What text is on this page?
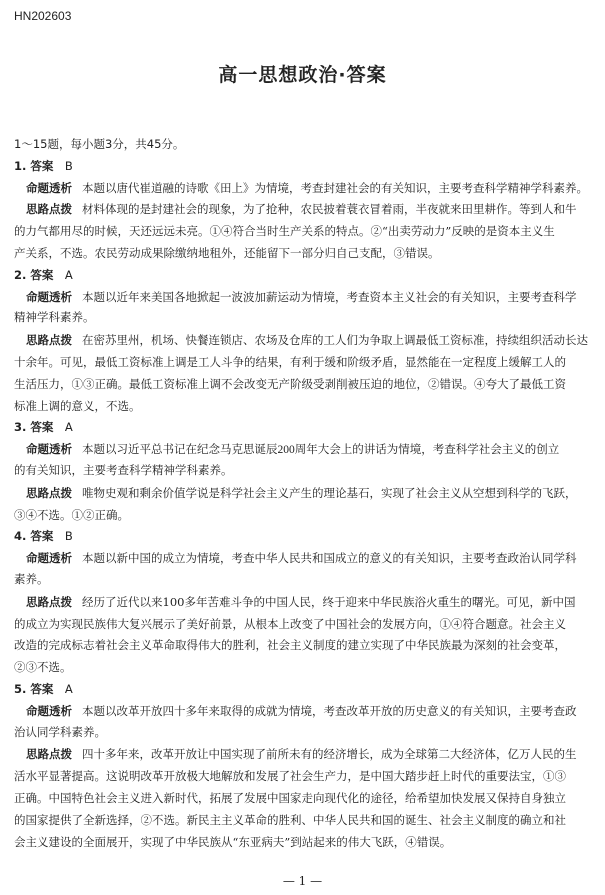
HN202603
高一思想政治·答案
1～15题，每小题3分，共45分。
1. 答案  B
命题透析 本题以唐代崔道融的诗歌《田上》为情境，考查封建社会的有关知识，主要考查科学精神学科素养。
思路点拨 材料体现的是封建社会的现象，为了抢种，农民披着蓑衣冒着雨，半夜就来田里耕作。等到人和牛
的力气都用尽的时候，天还远远未亮。①④符合当时生产关系的特点。②“出卖劳动力”反映的是资本主义生
产关系，不选。农民劳动成果除缴纳地租外，还能留下一部分归自己支配，③错误。
2. 答案  A
命题透析 本题以近年来美国各地掀起一波波加薪运动为情境，考查资本主义社会的有关知识，主要考查科学
精神学科素养。
思路点拨 在密苏里州，机场、快餐连锁店、农场及仓库的工人们为争取上调最低工资标准，持续组织活动长达
十余年。可见，最低工资标准上调是工人斗争的结果，有利于缓和阶级矛盾，显然能在一定程度上缓解工人的
生活压力，①③正确。最低工资标准上调不会改变无产阶级受剥削被压迫的地位，②错误。④夸大了最低工资
标准上调的意义，不选。
3. 答案  A
命题透析 本题以习近平总书记在纪念马克思诞辰200周年大会上的讲话为情境，考查科学社会主义的创立
的有关知识，主要考查科学精神学科素养。
思路点拨 唯物史观和剩余价值学说是科学社会主义产生的理论基石，实现了社会主义从空想到科学的飞跃，
③④不选。①②正确。
4. 答案  B
命题透析 本题以新中国的成立为情境，考查中华人民共和国成立的意义的有关知识，主要考查政治认同学科
素养。
思路点拨 经历了近代以来100多年苦难斗争的中国人民，终于迎来中华民族浴火重生的曙光。可见，新中国
的成立为实现民族伟大复兴展示了美好前景，从根本上改变了中国社会的发展方向，①④符合题意。社会主义
改造的完成标志着社会主义革命取得伟大的胜利，社会主义制度的建立实现了中华民族最为深刻的社会变革，
②③不选。
5. 答案  A
命题透析 本题以改革开放四十多年来取得的成就为情境，考查改革开放的历史意义的有关知识，主要考查政
治认同学科素养。
思路点拨 四十多年来，改革开放让中国实现了前所未有的经济增长，成为全球第二大经济体，亿万人民的生
活水平显著提高。这说明改革开放极大地解放和发展了社会生产力，是中国大踏步赶上时代的重要法宝，①③
正确。中国特色社会主义进入新时代，拓展了发展中国家走向现代化的途径，给希望加快发展又保持自身独立
的国家提供了全新选择，②不选。新民主主义革命的胜利、中华人民共和国的诞生、社会主义制度的确立和社
会主义建设的全面展开，实现了中华民族从“东亚病夫”到站起来的伟大飞跃，④错误。
— 1 —
